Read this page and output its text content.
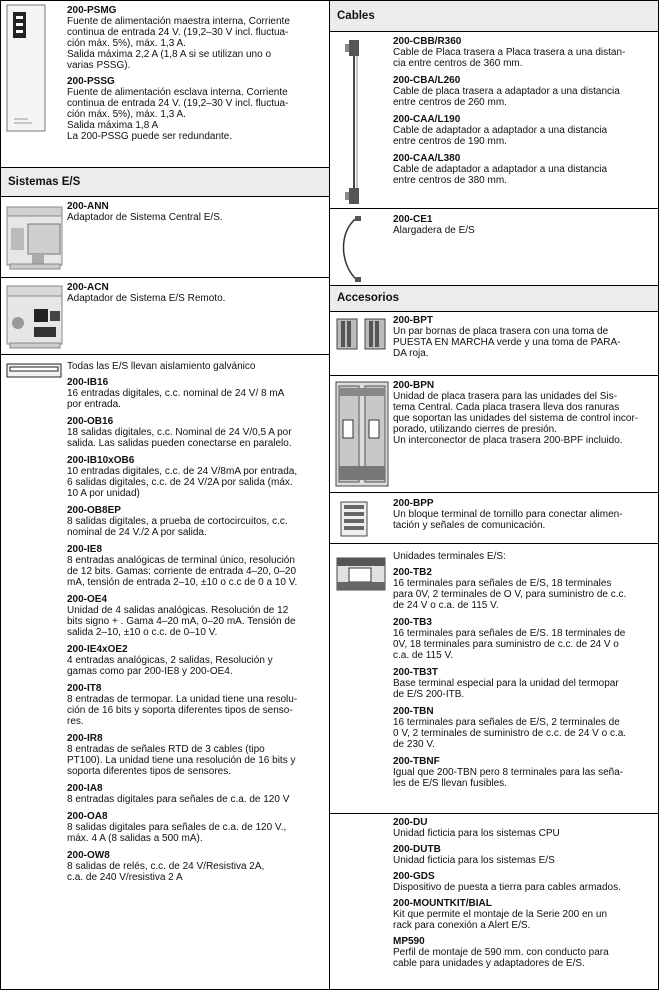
200-PSMG
Fuente de alimentación maestra interna, Corriente
continua de entrada 24 V. (19,2–30 V incl. fluctua-
ción máx. 5%), máx. 1,3 A.
Salida máxima 2,2 A (1,8 A si se utilizan uno o
varias PSSG).
200-PSSG
Fuente de alimentación esclava interna. Corriente
continua de entrada 24 V. (19,2–30 V incl. fluctua-
ción máx. 5%), máx. 1,3 A.
Salida máxima 1,8 A
La 200-PSSG puede ser redundante.
Sistemas E/S
200-ANN
Adaptador de Sistema Central E/S.
200-ACN
Adaptador de Sistema E/S Remoto.
Todas las E/S llevan aislamiento galvánico
200-IB16
16 entradas digitales, c.c. nominal de 24 V/ 8 mA
por entrada.
200-OB16
18 salidas digitales, c.c. Nominal de 24 V/0,5 A por
salida. Las salidas pueden conectarse en paralelo.
200-IB10xOB6
10 entradas digitales, c.c. de 24 V/8mA por entrada,
6 salidas digitales, c.c. de 24 V/2A por salida (máx.
10 A por unidad)
200-OB8EP
8 salidas digitales, a prueba de cortocircuitos, c.c.
nominal de 24 V./2 A por salida.
200-IE8
8 entradas analógicas de terminal único, resolución
de 12 bits. Gamas: corriente de entrada 4–20, 0–20
mA, tensión de entrada 2–10, ±10 o c.c de 0 a 10 V.
200-OE4
Unidad de 4 salidas analógicas. Resolución de 12
bits signo + . Gama 4–20 mA, 0–20 mA. Tensión de
salida 2–10, ±10 o c.c. de 0–10 V.
200-IE4xOE2
4 entradas analógicas, 2 salidas, Resolución y
gamas como par 200-IE8 y 200-OE4.
200-IT8
8 entradas de termopar. La unidad tiene una resolu-
ción de 16 bits y soporta diferentes tipos de senso-
res.
200-IR8
8 entradas de señales RTD de 3 cables (tipo
PT100). La unidad tiene una resolución de 16 bits y
soporta diferentes tipos de sensores.
200-IA8
8 entradas digitales para señales de c.a. de 120 V
200-OA8
8 salidas digitales para señales de c.a. de 120 V.,
máx. 4 A (8 salidas a 500 mA).
200-OW8
8 salidas de relés, c.c. de 24 V/Resistiva 2A,
c.a. de 240 V/resistiva 2 A
Cables
200-CBB/R360
Cable de Placa trasera a Placa trasera a una distan-
cia entre centros de 360 mm.
200-CBA/L260
Cable de placa trasera a adaptador a una distancia
entre centros de 260 mm.
200-CAA/L190
Cable de adaptador a adaptador a una distancia
entre centros de 190 mm.
200-CAA/L380
Cable de adaptador a adaptador a una distancia
entre centros de 380 mm.
200-CE1
Alargadera de E/S
Accesorios
200-BPT
Un par bornas de placa trasera con una toma de
PUESTA EN MARCHA verde y una toma de PARA-
DA roja.
200-BPN
Unidad de placa trasera para las unidades del Sis-
tema Central. Cada placa trasera lleva dos ranuras
que soportan las unidades del sistema de control incor-
porado, utilizando cierres de presión.
Un interconector de placa trasera 200-BPF incluido.
200-BPP
Un bloque terminal de tornillo para conectar alimen-
tación y señales de comunicación.
Unidades terminales E/S:
200-TB2
16 terminales para señales de E/S, 18 terminales
para 0V, 2 terminales de O V, para suministro de c.c.
de 24 V o c.a. de 115 V.
200-TB3
16 terminales para señales de E/S. 18 terminales de
0V, 18 terminales para suministro de c.c. de 24 V o
c.a. de 115 V.
200-TB3T
Base terminal especial para la unidad del termopar
de E/S 200-ITB.
200-TBN
16 terminales para señales de E/S, 2 terminales de
0 V, 2 terminales de suministro de c.c. de 24 V o c.a.
de 230 V.
200-TBNF
Igual que 200-TBN pero 8 terminales para las seña-
les de E/S llevan fusibles.
200-DU
Unidad ficticia para los sistemas CPU
200-DUTB
Unidad ficticia para los sistemas E/S
200-GDS
Dispositivo de puesta a tierra para cables armados.
200-MOUNTKIT/BIAL
Kit que permite el montaje de la Serie 200 en un
rack para conexión a Alert E/S.
MP590
Perfil de montaje de 590 mm. con conducto para
cable para unidades y adaptadores de E/S.
